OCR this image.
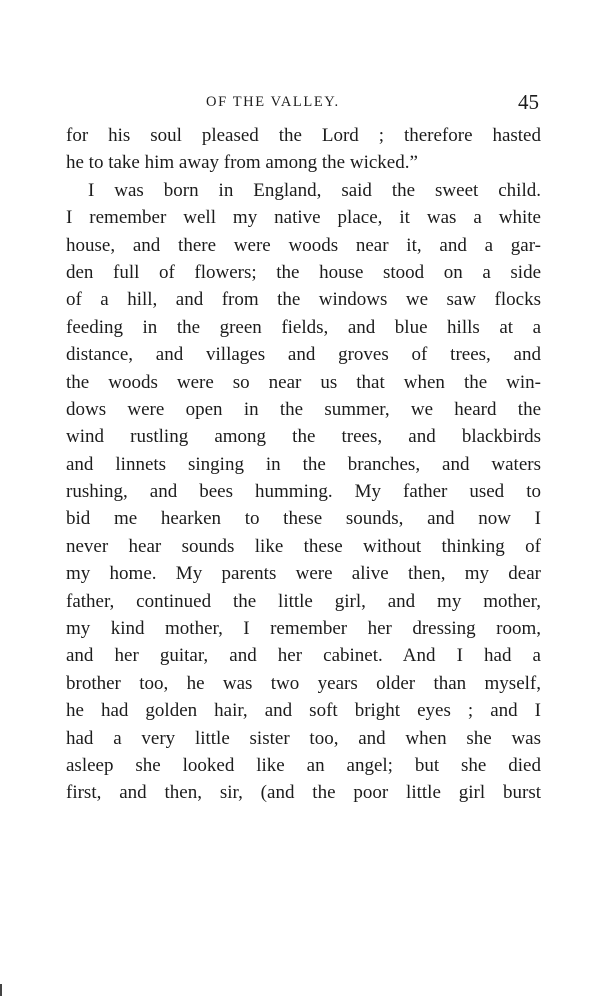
OF THE VALLEY.	45
for his soul pleased the Lord ; therefore hasted
he to take him away from among the wicked.”
I was born in England, said the sweet child.
I remember well my native place, it was a white
house, and there were woods near it, and a gar-
den full of flowers; the house stood on a side
of a hill, and from the windows we saw flocks
feeding in the green fields, and blue hills at a
distance, and villages and groves of trees, and
the woods were so near us that when the win-
dows were open in the summer, we heard the
wind rustling among the trees, and blackbirds
and linnets singing in the branches, and waters
rushing, and bees humming. My father used to
bid me hearken to these sounds, and now I
never hear sounds like these without thinking of
my home. My parents were alive then, my dear
father, continued the little girl, and my mother,
my kind mother, I remember her dressing room,
and her guitar, and her cabinet. And I had a
brother too, he was two years older than myself,
he had golden hair, and soft bright eyes ; and I
had a very little sister too, and when she was
asleep she looked like an angel; but she died
first, and then, sir, (and the poor little girl burst
